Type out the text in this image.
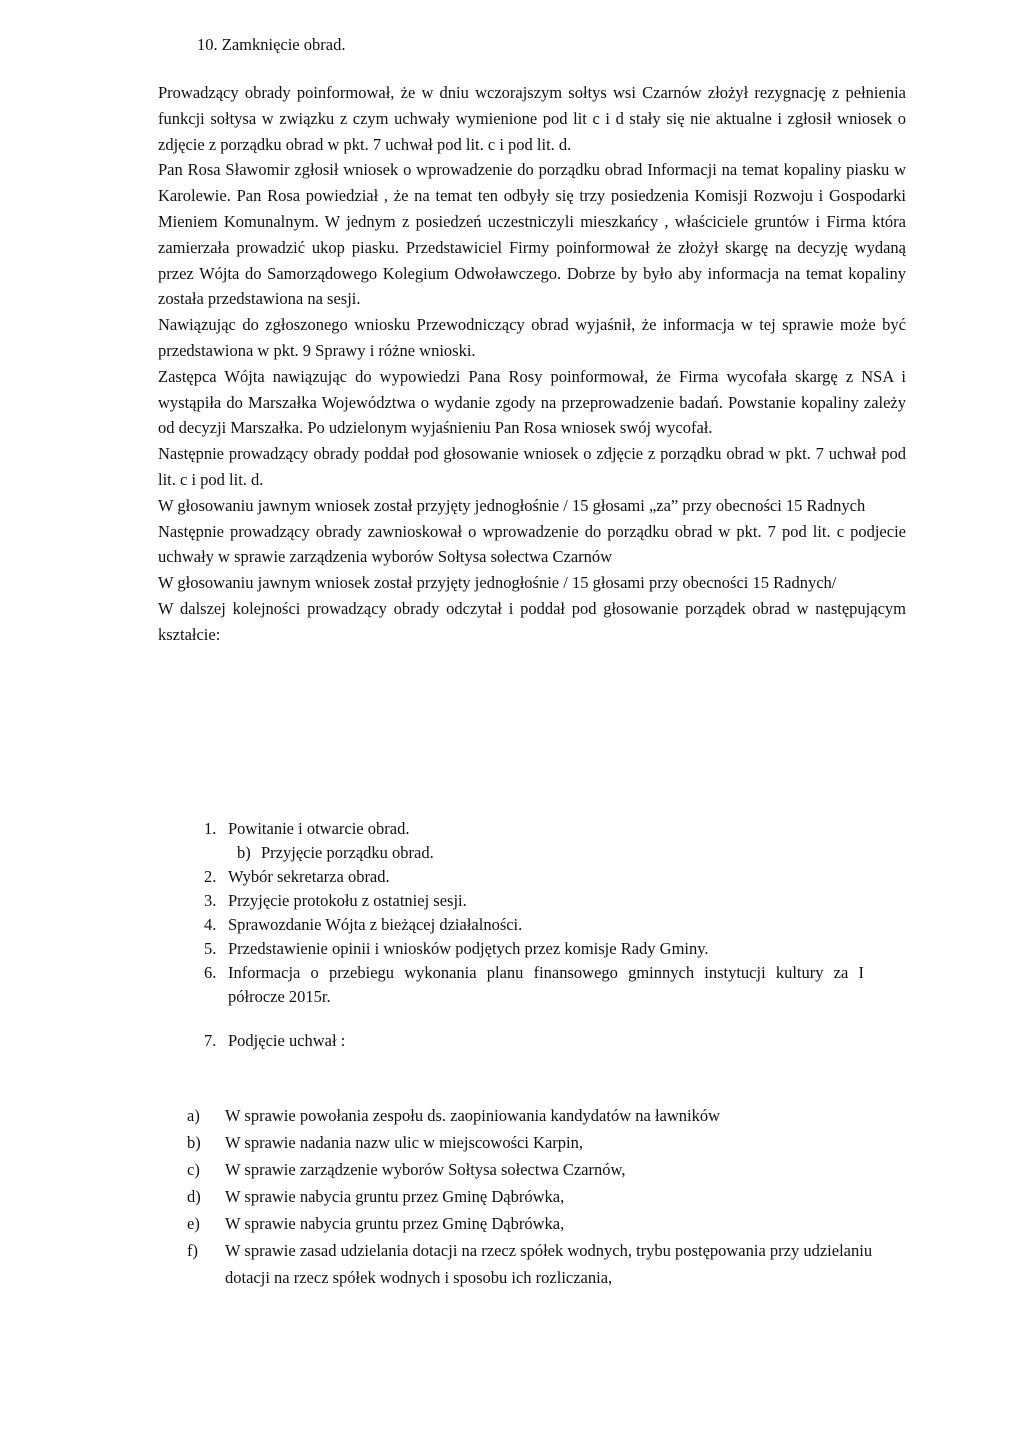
10. Zamknięcie obrad.

Prowadzący obrady poinformował, że w dniu wczorajszym sołtys wsi Czarnów złożył rezygnację z pełnienia funkcji sołtysa w związku z czym uchwały wymienione pod lit c i d stały się nie aktualne i zgłosił wniosek o zdjęcie z porządku obrad w pkt. 7 uchwał pod lit. c i pod lit. d.

Pan Rosa Sławomir zgłosił wniosek o wprowadzenie do porządku obrad Informacji na temat kopaliny piasku w Karolewie. Pan Rosa powiedział , że na temat ten odbyły się trzy posiedzenia Komisji Rozwoju i Gospodarki Mieniem Komunalnym. W jednym z posiedzeń uczestniczyli mieszkańcy , właściciele gruntów i Firma która zamierzała prowadzić ukop piasku. Przedstawiciel Firmy poinformował że złożył skargę na decyzję wydaną przez Wójta do Samorządowego Kolegium Odwoławczego. Dobrze by było aby informacja na temat kopaliny została przedstawiona na sesji.

Nawiązując do zgłoszonego wniosku Przewodniczący obrad wyjaśnił, że informacja w tej sprawie może być przedstawiona w pkt. 9 Sprawy i różne wnioski.

Zastępca Wójta nawiązując do wypowiedzi Pana Rosy poinformował, że Firma wycofała skargę z NSA i wystąpiła do Marszałka Województwa o wydanie zgody na przeprowadzenie badań. Powstanie kopaliny zależy od decyzji Marszałka. Po udzielonym wyjaśnieniu Pan Rosa wniosek swój wycofał.

Następnie prowadzący obrady poddał pod głosowanie wniosek o zdjęcie z porządku obrad w pkt. 7 uchwał pod lit. c i pod lit. d.

W głosowaniu jawnym wniosek został przyjęty jednogłośnie / 15 głosami „za” przy obecności 15 Radnych

Następnie prowadzący obrady zawnioskował o wprowadzenie do porządku obrad w pkt. 7 pod lit. c podjecie uchwały w sprawie zarządzenia wyborów Sołtysa sołectwa Czarnów

W głosowaniu jawnym wniosek został przyjęty jednogłośnie / 15 głosami przy obecności 15 Radnych/

W dalszej kolejności prowadzący obrady odczytał i poddał pod głosowanie porządek obrad w następującym kształcie:

1. Powitanie i otwarcie obrad.
b) Przyjęcie porządku obrad.
2. Wybór sekretarza obrad.
3. Przyjęcie protokołu z ostatniej sesji.
4. Sprawozdanie Wójta z bieżącej działalności.
5. Przedstawienie opinii i wniosków podjętych przez komisje Rady Gminy.
6. Informacja o przebiegu wykonania planu finansowego gminnych instytucji kultury za I półrocze 2015r.
7. Podjęcie uchwał :
a)	W sprawie powołania zespołu ds. zaopiniowania kandydatów na ławników
b)	W sprawie nadania nazw ulic w miejscowości Karpin,
c)	W sprawie zarządzenie wyborów Sołtysa sołectwa Czarnów,
d)	W sprawie nabycia gruntu przez Gminę Dąbrówka,
e)	W sprawie nabycia gruntu przez Gminę Dąbrówka,
f)	W sprawie zasad udzielania dotacji na rzecz spółek wodnych, trybu postępowania przy udzielaniu dotacji na rzecz spółek wodnych i sposobu ich rozliczania,
